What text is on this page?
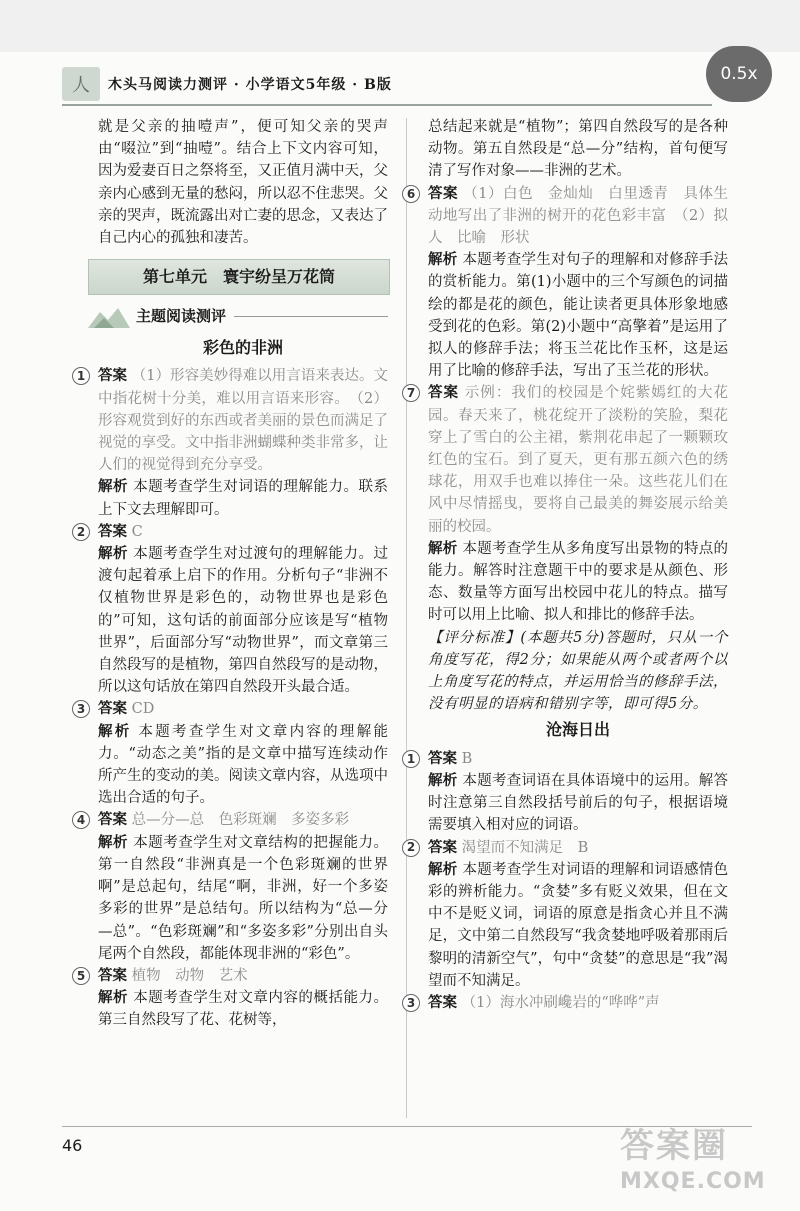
人	木头马阅读力测评 · 小学语文5年级 · B版
0.5x

就是父亲的抽噎声”，便可知父亲的哭声由“啜泣”到“抽噎”。结合上下文内容可知，因为爱妻百日之祭将至，又正值月满中天，父亲内心感到无量的愁闷，所以忍不住悲哭。父亲的哭声，既流露出对亡妻的思念，又表达了自己内心的孤独和凄苦。

第七单元　寰宇纷呈万花筒
主题阅读测评
彩色的非洲
1 答案 （1）形容美妙得难以用言语来表达。文中指花树十分美，难以用言语来形容。　（2）形容观赏到好的东西或者美丽的景色而满足了视觉的享受。文中指非洲蝴蝶种类非常多，让人们的视觉得到充分享受。

解析 本题考查学生对词语的理解能力。联系上下文去理解即可。

2 答案 C

解析 本题考查学生对过渡句的理解能力。过渡句起着承上启下的作用。分析句子“非洲不仅植物世界是彩色的，动物世界也是彩色的”可知，这句话的前面部分应该是写“植物世界”，后面部分写“动物世界”，而文章第三自然段写的是植物，第四自然段写的是动物，所以这句话放在第四自然段开头最合适。

3 答案 CD

解析 本题考查学生对文章内容的理解能力。“动态之美”指的是文章中描写连续动作所产生的变动的美。阅读文章内容，从选项中选出合适的句子。

4 答案 总—分—总　色彩斑斓　多姿多彩

解析 本题考查学生对文章结构的把握能力。第一自然段“非洲真是一个色彩斑斓的世界啊”是总起句，结尾“啊，非洲，好一个多姿多彩的世界”是总结句。所以结构为“总—分—总”。“色彩斑斓”和“多姿多彩”分别出自头尾两个自然段，都能体现非洲的“彩色”。

5 答案 植物　动物　艺术

解析 本题考查学生对文章内容的概括能力。第三自然段写了花、花树等，

总结起来就是“植物”；第四自然段写的是各种动物。第五自然段是“总—分”结构，首句便写清了写作对象——非洲的艺术。

6 答案 （1）白色　金灿灿　白里透青　具体生动地写出了非洲的树开的花色彩丰富　（2）拟人　比喻　形状

解析 本题考查学生对句子的理解和对修辞手法的赏析能力。第(1)小题中的三个写颜色的词描绘的都是花的颜色，能让读者更具体形象地感受到花的色彩。第(2)小题中“高擎着”是运用了拟人的修辞手法；将玉兰花比作玉杯，这是运用了比喻的修辞手法，写出了玉兰花的形状。

7 答案 示例：我们的校园是个姹紫嫣红的大花园。春天来了，桃花绽开了淡粉的笑脸，梨花穿上了雪白的公主裙，紫荆花串起了一颗颗玫红色的宝石。到了夏天，更有那五颜六色的绣球花，用双手也难以捧住一朵。这些花儿们在风中尽情摇曳，要将自己最美的舞姿展示给美丽的校园。

解析 本题考查学生从多角度写出景物的特点的能力。解答时注意题干中的要求是从颜色、形态、数量等方面写出校园中花儿的特点。描写时可以用上比喻、拟人和排比的修辞手法。

【评分标准】(本题共5分)答题时，只从一个角度写花，得2分；如果能从两个或者两个以上角度写花的特点，并运用恰当的修辞手法，没有明显的语病和错别字等，即可得5分。

沧海日出
1 答案 B

解析 本题考查词语在具体语境中的运用。解答时注意第三自然段括号前后的句子，根据语境需要填入相对应的词语。

2 答案 渴望而不知满足　B

解析 本题考查学生对词语的理解和词语感情色彩的辨析能力。“贪婪”多有贬义效果，但在文中不是贬义词，词语的原意是指贪心并且不满足，文中第二自然段写“我贪婪地呼吸着那雨后黎明的清新空气”，句中“贪婪”的意思是“我”渴望而不知满足。

3 答案 （1）海水冲刷巉岩的“哗哗”声

46	答案圈
MXQE.COM
